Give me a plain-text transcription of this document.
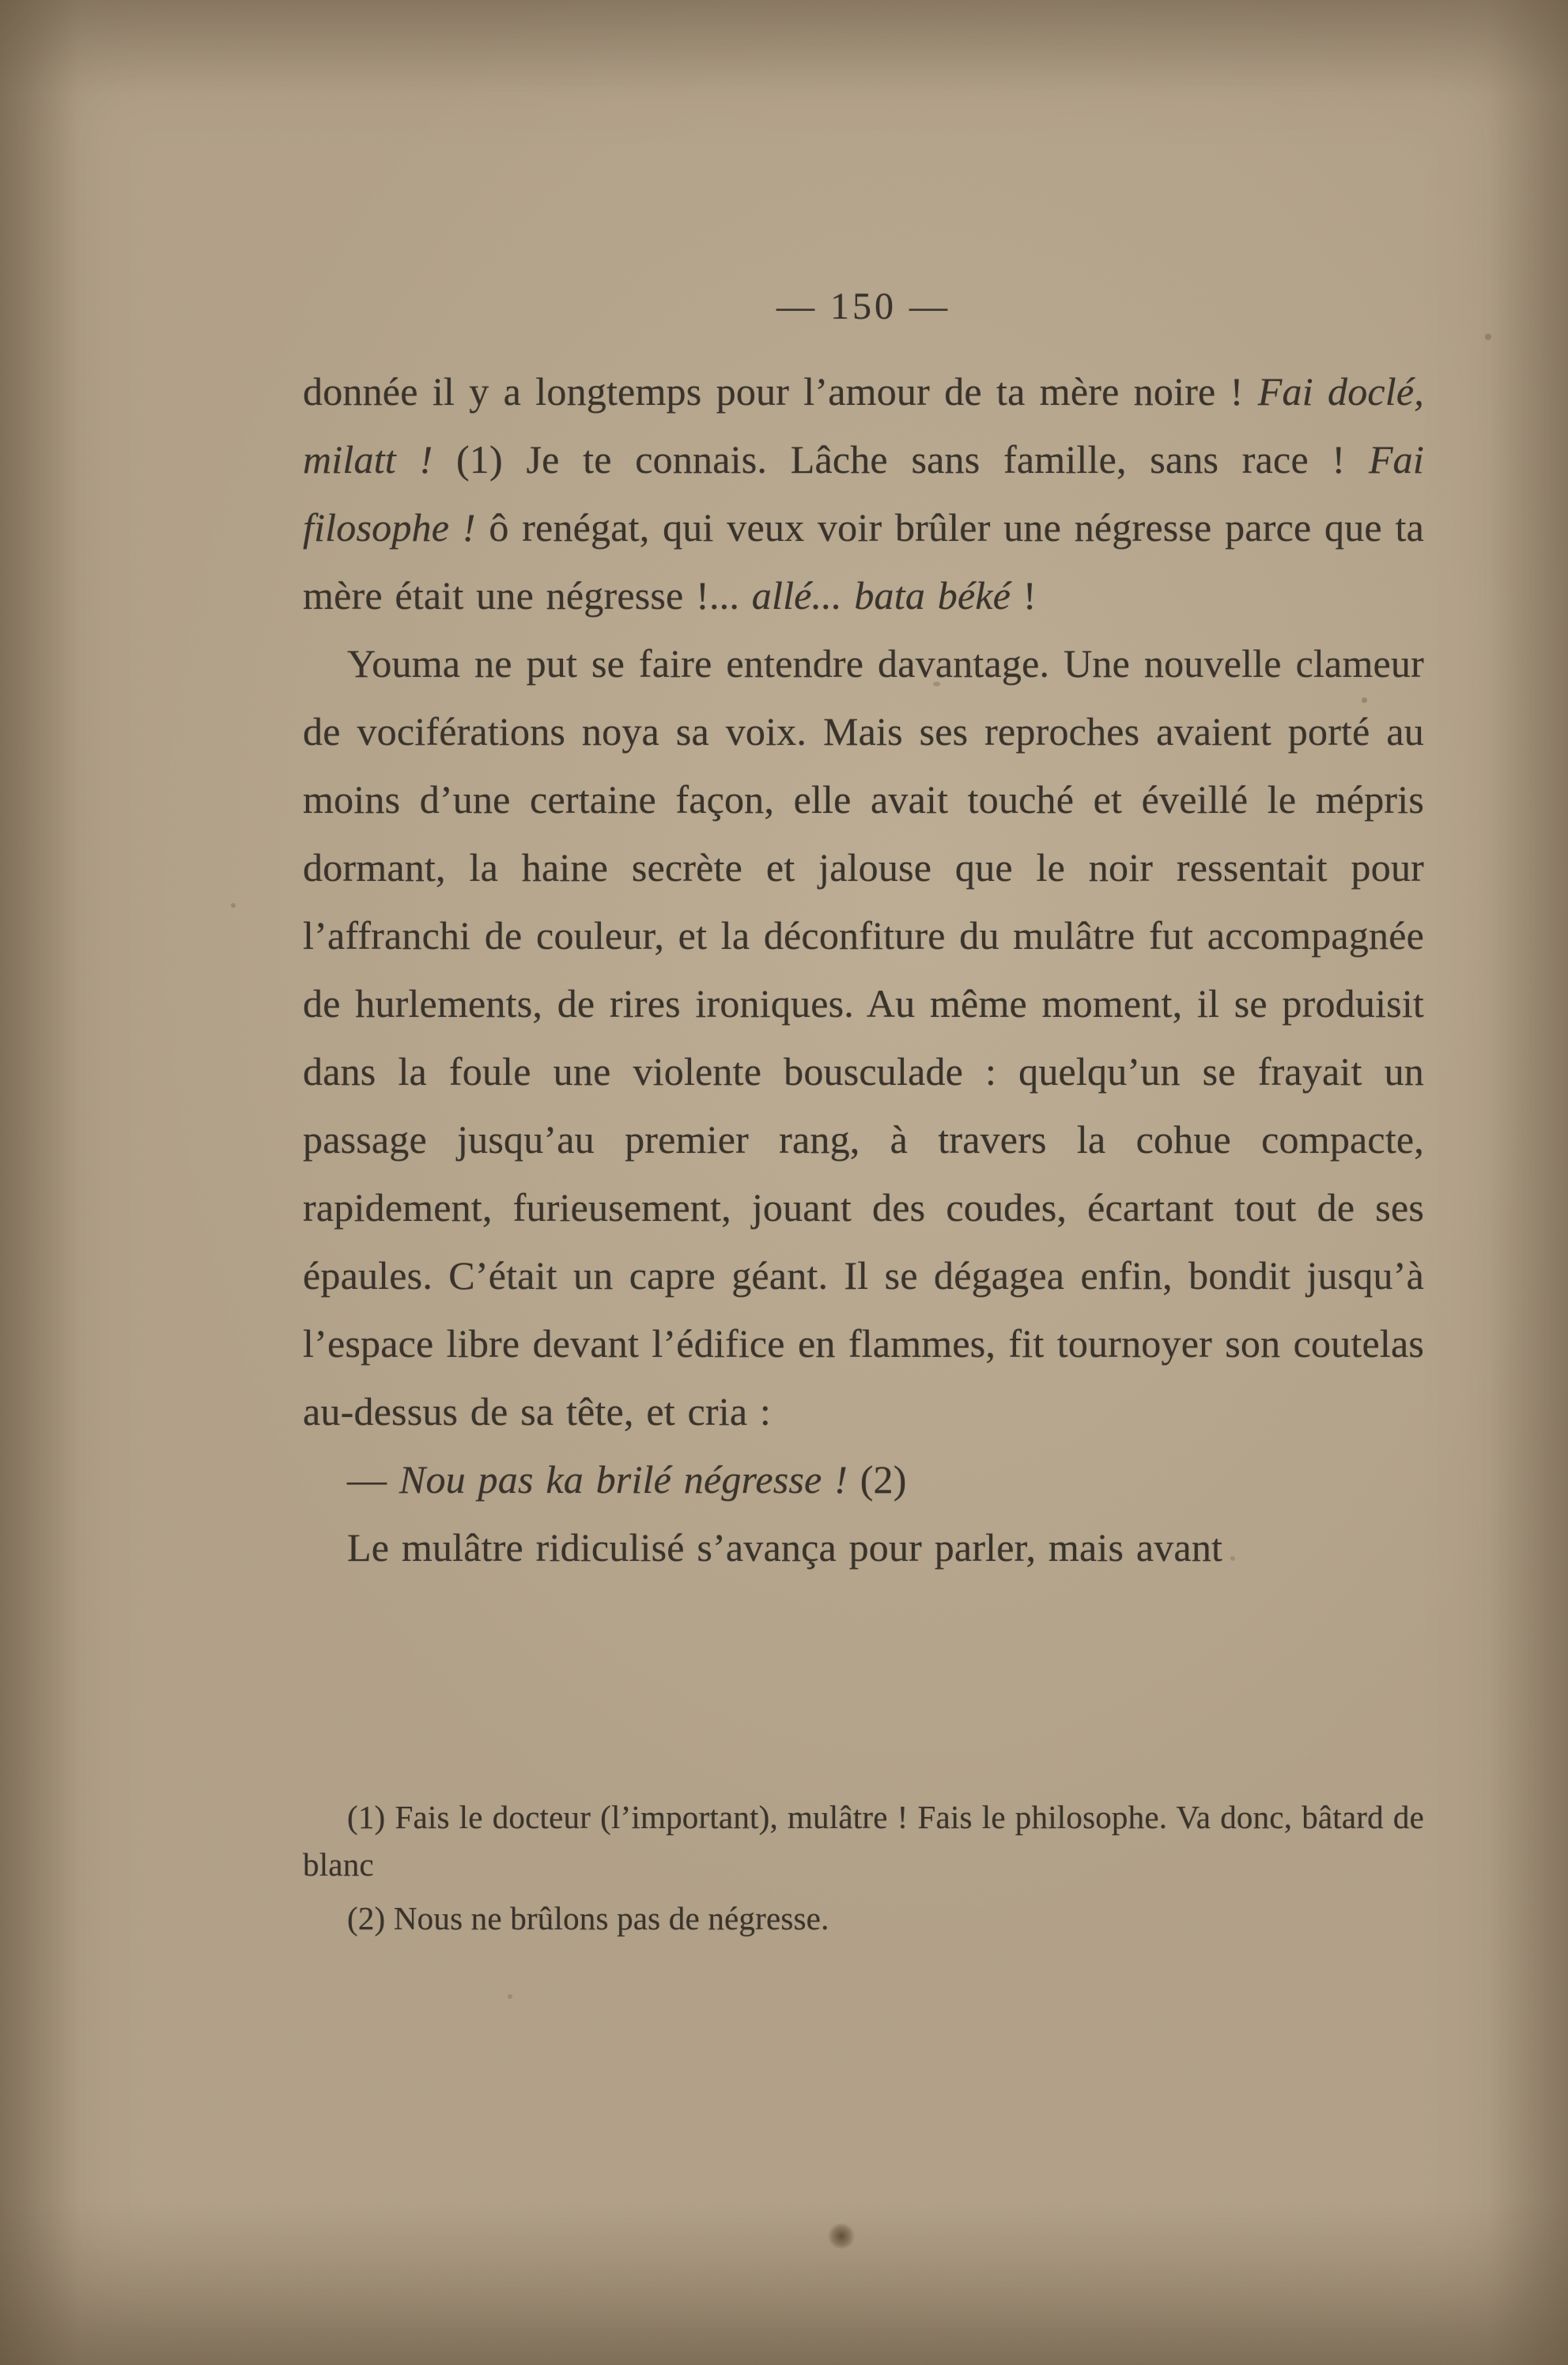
— 150 —

donnée il y a longtemps pour l’amour de ta mère noire ! Fai doclé, milatt ! (1) Je te connais. Lâche sans famille, sans race ! Fai filosophe ! ô renégat, qui veux voir brûler une négresse parce que ta mère était une négresse !... allé... bata béké !

Youma ne put se faire entendre davantage. Une nouvelle clameur de vociférations noya sa voix. Mais ses reproches avaient porté au moins d’une certaine façon, elle avait touché et éveillé le mépris dormant, la haine secrète et jalouse que le noir ressentait pour l’affranchi de couleur, et la déconfiture du mulâtre fut accompagnée de hurlements, de rires ironiques. Au même moment, il se produisit dans la foule une violente bousculade : quelqu’un se frayait un passage jusqu’au premier rang, à travers la cohue compacte, rapidement, furieusement, jouant des coudes, écartant tout de ses épaules. C’était un capre géant. Il se dégagea enfin, bondit jusqu’à l’espace libre devant l’édifice en flammes, fit tournoyer son coutelas au-dessus de sa tête, et cria :

— Nou pas ka brilé négresse ! (2)

Le mulâtre ridiculisé s’avança pour parler, mais avant

(1) Fais le docteur (l’important), mulâtre ! Fais le philosophe. Va donc, bâtard de blanc

(2) Nous ne brûlons pas de négresse.
